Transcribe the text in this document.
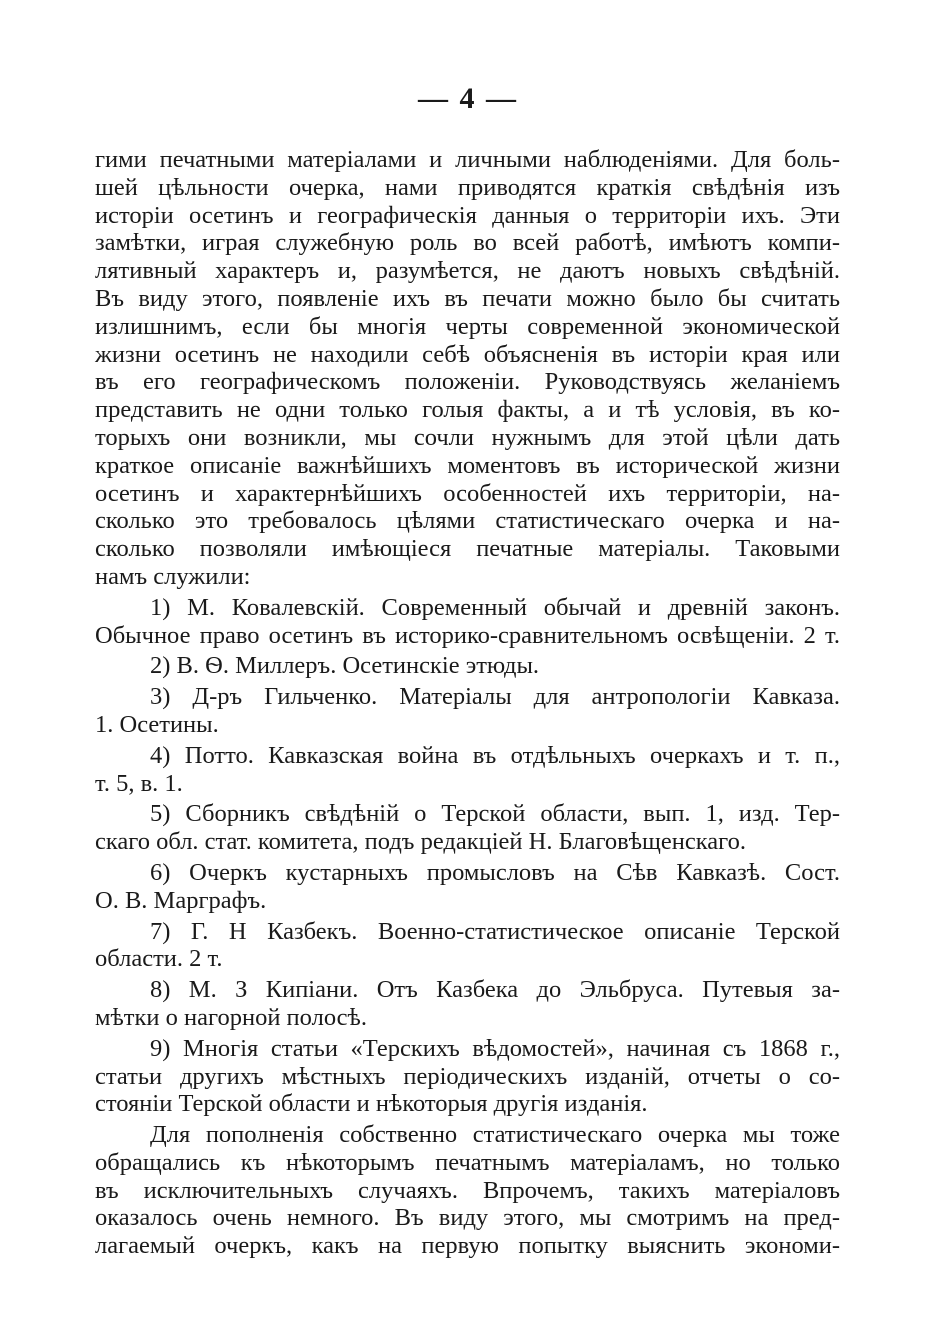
— 4 —
гими печатными матеріалами и личными наблюденіями. Для боль-
шей цѣльности очерка, нами приводятся краткія свѣдѣнія изъ
исторіи осетинъ и географическія данныя о территоріи ихъ. Эти
замѣтки, играя служебную роль во всей работѣ, имѣютъ компи-
лятивный характеръ и, разумѣется, не даютъ новыхъ свѣдѣній.
Въ виду этого, появленіе ихъ въ печати можно было бы считать
излишнимъ, если бы многія черты современной экономической
жизни осетинъ не находили себѣ объясненія въ исторіи края или
въ его географическомъ положеніи. Руководствуясь желаніемъ
представить не одни только голыя факты, а и тѣ условія, въ ко-
торыхъ они возникли, мы сочли нужнымъ для этой цѣли дать
краткое описаніе важнѣйшихъ моментовъ въ исторической жизни
осетинъ и характернѣйшихъ особенностей ихъ территоріи, на-
сколько это требовалось цѣлями статистическаго очерка и на-
сколько позволяли имѣющіеся печатные матеріалы. Таковыми
намъ служили:
1) М. Ковалевскій. Современный обычай и древній законъ.
Обычное право осетинъ въ историко-сравнительномъ освѣщеніи. 2 т.
2) В. Ѳ. Миллеръ. Осетинскіе этюды.
3) Д-ръ Гильченко. Матеріалы для антропологіи Кавказа.
1. Осетины.
4) Потто. Кавказская война въ отдѣльныхъ очеркахъ и т. п.,
т. 5, в. 1.
5) Сборникъ свѣдѣній о Терской области, вып. 1, изд. Тер-
скаго обл. стат. комитета, подъ редакціей Н. Благовѣщенскаго.
6) Очеркъ кустарныхъ промысловъ на Сѣв Кавказѣ. Сост.
О. В. Марграфъ.
7) Г. Н Казбекъ. Военно-статистическое описаніе Терской
области. 2 т.
8) М. З Кипіани. Отъ Казбека до Эльбруса. Путевыя за-
мѣтки о нагорной полосѣ.
9) Многія статьи «Терскихъ вѣдомостей», начиная съ 1868 г.,
статьи другихъ мѣстныхъ періодическихъ изданій, отчеты о со-
стояніи Терской области и нѣкоторыя другія изданія.
Для пополненія собственно статистическаго очерка мы тоже
обращались къ нѣкоторымъ печатнымъ матеріаламъ, но только
въ исключительныхъ случаяхъ. Впрочемъ, такихъ матеріаловъ
оказалось очень немного. Въ виду этого, мы смотримъ на пред-
лагаемый очеркъ, какъ на первую попытку выяснить экономи-
